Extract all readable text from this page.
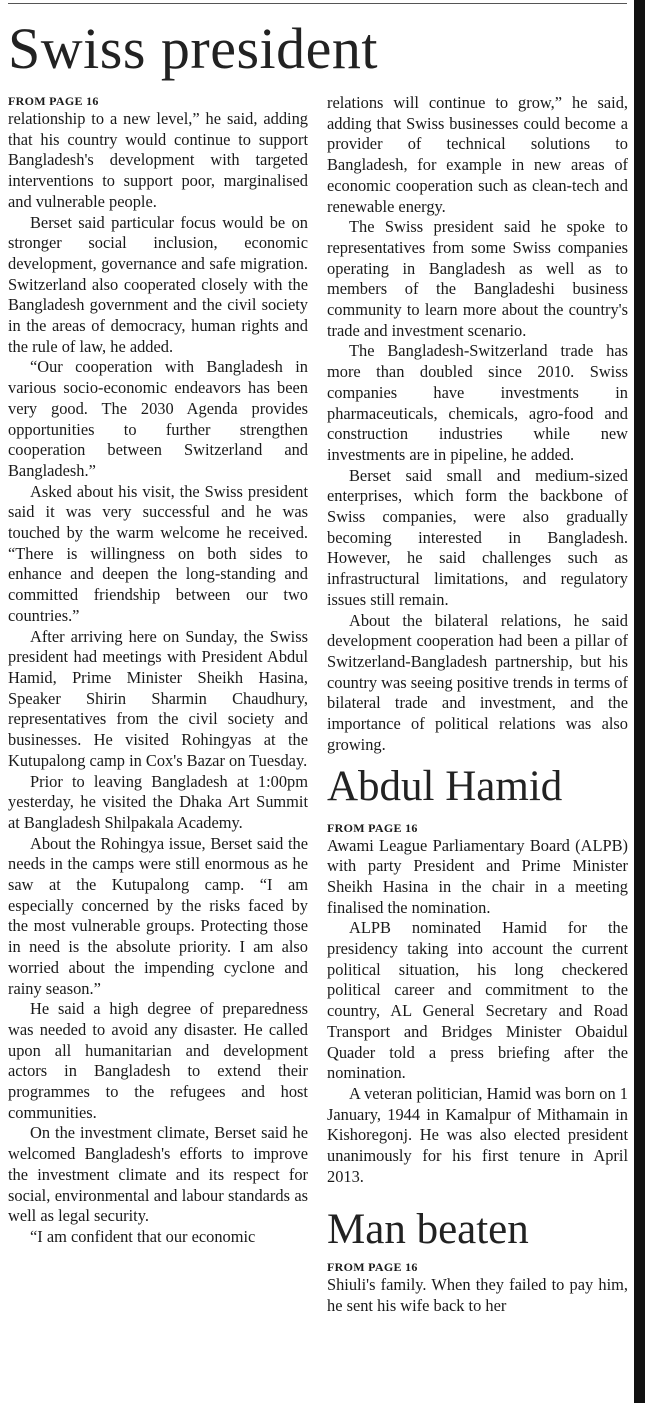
Swiss president
FROM PAGE 16

relationship to a new level,” he said, adding that his country would continue to support Bangladesh's development with targeted interventions to support poor, marginalised and vulnerable people.

Berset said particular focus would be on stronger social inclusion, economic development, governance and safe migration. Switzerland also cooperated closely with the Bangladesh government and the civil society in the areas of democracy, human rights and the rule of law, he added.

“Our cooperation with Bangladesh in various socio-economic endeavors has been very good. The 2030 Agenda provides opportunities to further strengthen cooperation between Switzerland and Bangladesh.”

Asked about his visit, the Swiss president said it was very successful and he was touched by the warm welcome he received. “There is willingness on both sides to enhance and deepen the long-standing and committed friendship between our two countries.”

After arriving here on Sunday, the Swiss president had meetings with President Abdul Hamid, Prime Minister Sheikh Hasina, Speaker Shirin Sharmin Chaudhury, representatives from the civil society and businesses. He visited Rohingyas at the Kutupalong camp in Cox's Bazar on Tuesday.

Prior to leaving Bangladesh at 1:00pm yesterday, he visited the Dhaka Art Summit at Bangladesh Shilpakala Academy.

About the Rohingya issue, Berset said the needs in the camps were still enormous as he saw at the Kutupalong camp. “I am especially concerned by the risks faced by the most vulnerable groups. Protecting those in need is the absolute priority. I am also worried about the impending cyclone and rainy season.”

He said a high degree of preparedness was needed to avoid any disaster. He called upon all humanitarian and development actors in Bangladesh to extend their programmes to the refugees and host communities.

On the investment climate, Berset said he welcomed Bangladesh's efforts to improve the investment climate and its respect for social, environmental and labour standards as well as legal security.

“I am confident that our economic

relations will continue to grow,” he said, adding that Swiss businesses could become a provider of technical solutions to Bangladesh, for example in new areas of economic cooperation such as clean-tech and renewable energy.

The Swiss president said he spoke to representatives from some Swiss companies operating in Bangladesh as well as to members of the Bangladeshi business community to learn more about the country's trade and investment scenario.

The Bangladesh-Switzerland trade has more than doubled since 2010. Swiss companies have investments in pharmaceuticals, chemicals, agro-food and construction industries while new investments are in pipeline, he added.

Berset said small and medium-sized enterprises, which form the backbone of Swiss companies, were also gradually becoming interested in Bangladesh. However, he said challenges such as infrastructural limitations, and regulatory issues still remain.

About the bilateral relations, he said development cooperation had been a pillar of Switzerland-Bangladesh partnership, but his country was seeing positive trends in terms of bilateral trade and investment, and the importance of political relations was also growing.

Abdul Hamid
FROM PAGE 16

Awami League Parliamentary Board (ALPB) with party President and Prime Minister Sheikh Hasina in the chair in a meeting finalised the nomination.

ALPB nominated Hamid for the presidency taking into account the current political situation, his long checkered political career and commitment to the country, AL General Secretary and Road Transport and Bridges Minister Obaidul Quader told a press briefing after the nomination.

A veteran politician, Hamid was born on 1 January, 1944 in Kamalpur of Mithamain in Kishoregonj. He was also elected president unanimously for his first tenure in April 2013.

Man beaten
FROM PAGE 16

Shiuli's family. When they failed to pay him, he sent his wife back to her
